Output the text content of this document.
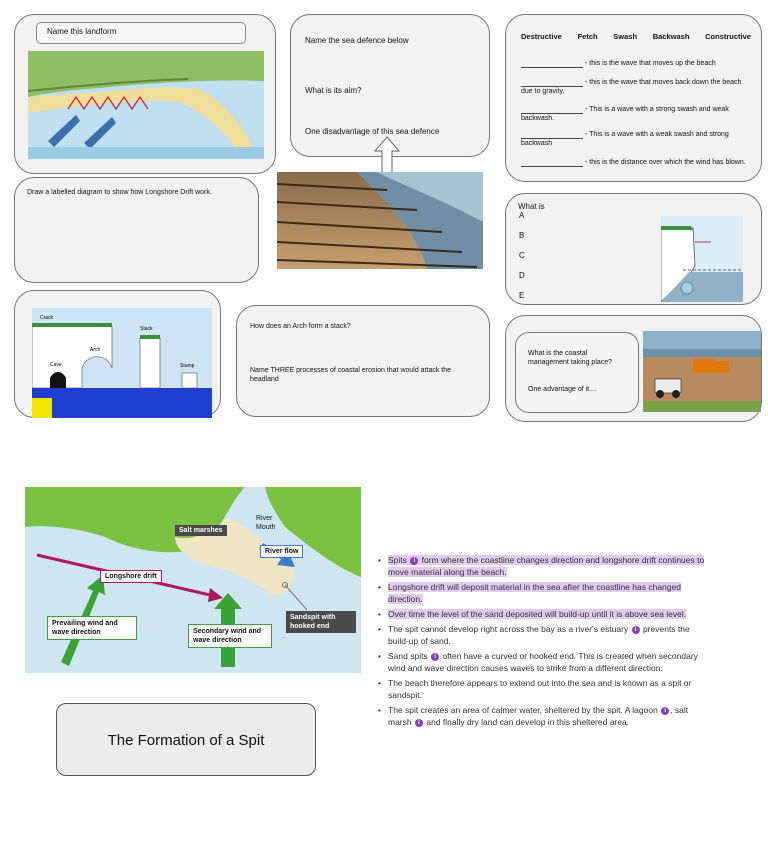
Name this landform
Name the sea defence below
What is its aim?
One disadvantage of this sea defence
Destructive Fetch Swash Backwash Constructive
- this is the wave that moves up the beach
- this is the wave that moves back down the beach due to gravity.
- This is a wave with a strong swash and weak backwash.
- This is a wave with a weak swash and strong backwash
- this is the distance over which the wind has blown.
Draw a labelled diagram to show how Longshore Drift work.
What is
A
B
C
D
E
Crack
Stack
Arch
Cave	Stump
How does an Arch form a stack?
Name THREE processes of coastal erosion that would attack the headland
What is the coastal management taking place?
One advantage of it....
Salt marshes
River Mouth
River flow
Longshore drift
Prevailing wind and wave direction	Secondary wind and wave direction
Sandspit with hooked end
The Formation of a Spit
• Spits i form where the coastline changes direction and longshore drift continues to move material along the beach.
• Longshore drift will deposit material in the sea after the coastline has changed direction.
• Over time the level of the sand deposited will build-up until it is above sea level.
• The spit cannot develop right across the bay as a river's estuary i prevents the build-up of sand.
• Sand spits i often have a curved or hooked end. This is created when secondary wind and wave direction causes waves to strike from a different direction.
• The beach therefore appears to extend out into the sea and is known as a spit or sandspit.
• The spit creates an area of calmer water, sheltered by the spit. A lagoon i , salt marsh i and finally dry land can develop in this sheltered area.
